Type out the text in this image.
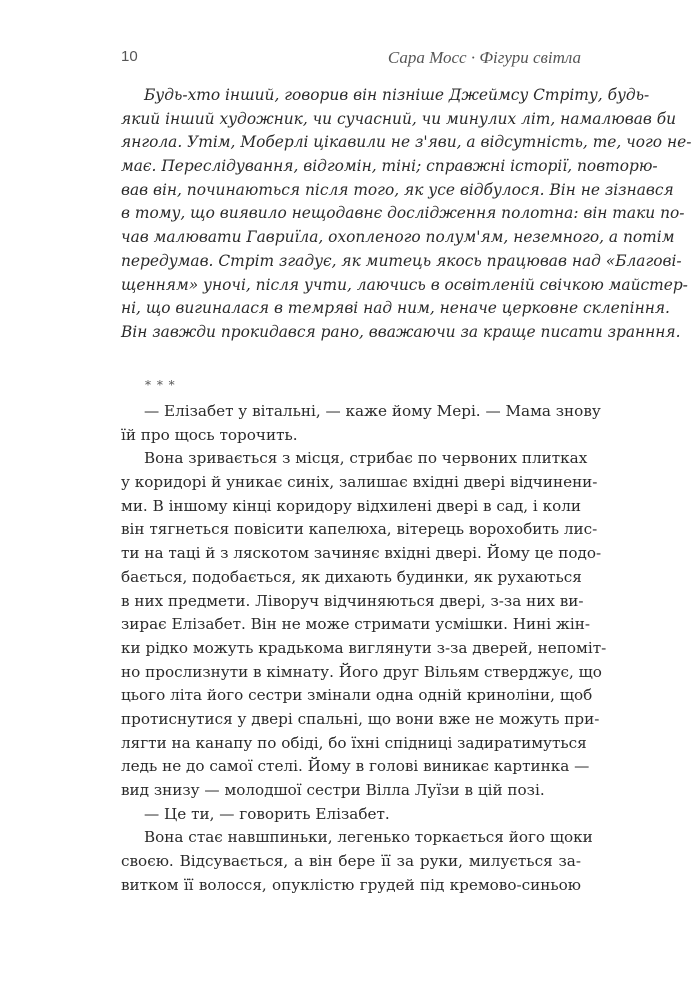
10	Сара Мосс · Фігури світла
Будь-хто інший, говорив він пізніше Джеймсу Стріту, будь-
який інший художник, чи сучасний, чи минулих літ, намалював би
янгола. Утім, Моберлі цікавили не з'яви, а відсутність, те, чого не-
має. Переслідування, відгомін, тіні; справжні історії, повторю-
вав він, починаються після того, як усе відбулося. Він не зізнався
в тому, що виявило нещодавнє дослідження полотна: він таки по-
чав малювати Гавриїла, охопленого полум'ям, неземного, а потім
передумав. Стріт згадує, як митець якось працював над «Благові-
щенням» уночі, після учти, лаючись в освітленій свічкою майстер-
ні, що вигиналася в темряві над ним, неначе церковне склепіння.
Він завжди прокидався рано, вважаючи за краще писати зранння.
* * *
— Елізабет у вітальні, — каже йому Мері. — Мама знову
їй про щось торочить.
Вона зривається з місця, стрибає по червоних плитках
у коридорі й уникає синіх, залишає вхідні двері відчинени-
ми. В іншому кінці коридору відхилені двері в сад, і коли
він тягнеться повісити капелюха, вітерець ворохобить лис-
ти на таці й з ляскотом зачиняє вхідні двері. Йому це подо-
бається, подобається, як дихають будинки, як рухаються
в них предмети. Ліворуч відчиняються двері, з-за них ви-
зирає Елізабет. Він не може стримати усмішки. Нині жін-
ки рідко можуть крадькома виглянути з-за дверей, непоміт-
но прослизнути в кімнату. Його друг Вільям стверджує, що
цього літа його сестри змінали одна одній криноліни, щоб
протиснутися у двері спальні, що вони вже не можуть при-
лягти на канапу по обіді, бо їхні спідниці задиратимуться
ледь не до самої стелі. Йому в голові виникає картинка —
вид знизу — молодшої сестри Вілла Луїзи в цій позі.
— Це ти, — говорить Елізабет.
Вона стає навшпиньки, легенько торкається його щоки
своєю. Відсувається, а він бере її за руки, милується за-
витком її волосся, опуклістю грудей під кремово-синьою
